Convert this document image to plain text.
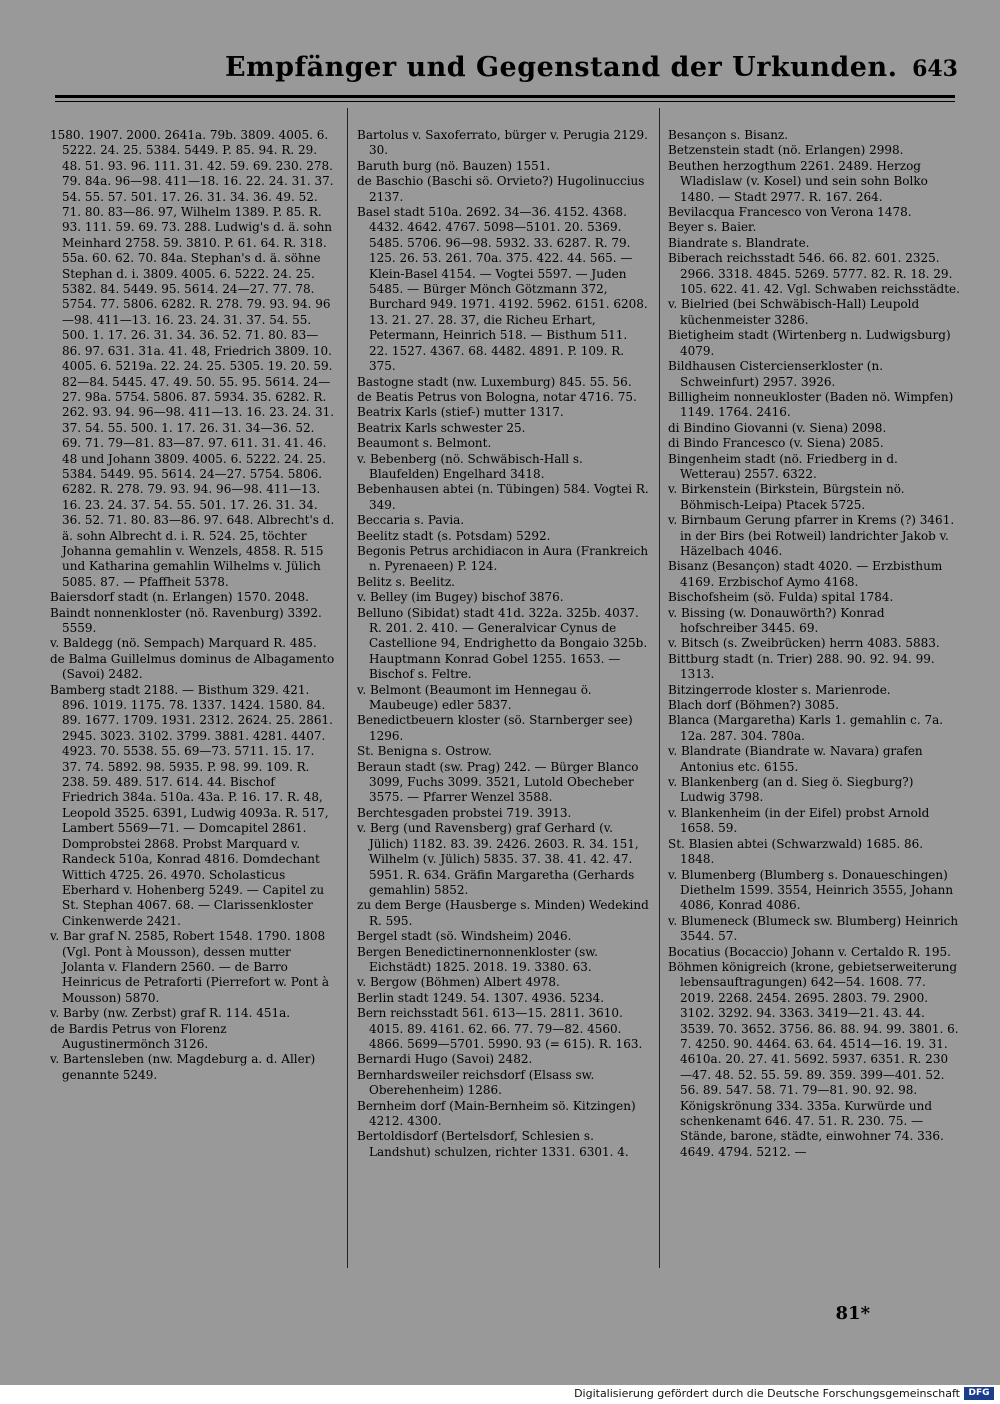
Empfänger und Gegenstand der Urkunden. 643
1580. 1907. 2000. 2641a. 79b. 3809. 4005. 6. 5222. 24. 25. 5384. 5449. P. 85. 94. R. 29. 48. 51. 93. 96. 111. 31. 42. 59. 69. 230. 278. 79. 84a. 96—98. 411—18. 16. 22. 24. 31. 37. 54. 55. 57. 501. 17. 26. 31. 34. 36. 49. 52. 71. 80. 83—86. 97, Wilhelm 1389. P. 85. R. 93. 111. 59. 69. 73. 288. Ludwig's d. ä. sohn Meinhard 2758. 59. 3810. P. 61. 64. R. 318. 55a. 60. 62. 70. 84a. Stephan's d. ä. söhne Stephan d. i. 3809. 4005. 6. 5222. 24. 25. 5382. 84. 5449. 95. 5614. 24—27. 77. 78. 5754. 77. 5806. 6282. R. 278. 79. 93. 94. 96—98. 411—13. 16. 23. 24. 31. 37. 54. 55. 500. 1. 17. 26. 31. 34. 36. 52. 71. 80. 83—86. 97. 631. 31a. 41. 48, Friedrich 3809. 10. 4005. 6. 5219a. 22. 24. 25. 5305. 19. 20. 59. 82—84. 5445. 47. 49. 50. 55. 95. 5614. 24—27. 98a. 5754. 5806. 87. 5934. 35. 6282. R. 262. 93. 94. 96—98. 411—13. 16. 23. 24. 31. 37. 54. 55. 500. 1. 17. 26. 31. 34—36. 52. 69. 71. 79—81. 83—87. 97. 611. 31. 41. 46. 48 und Johann 3809. 4005. 6. 5222. 24. 25. 5384. 5449. 95. 5614. 24—27. 5754. 5806. 6282. R. 278. 79. 93. 94. 96—98. 411—13. 16. 23. 24. 37. 54. 55. 501. 17. 26. 31. 34. 36. 52. 71. 80. 83—86. 97. 648. Albrecht's d. ä. sohn Albrecht d. i. R. 524. 25, töchter Johanna gemahlin v. Wenzels, 4858. R. 515 und Katharina gemahlin Wilhelms v. Jülich 5085. 87. — Pfaffheit 5378.
Baiersdorf stadt (n. Erlangen) 1570. 2048.
Baindt nonnenkloster (nö. Ravenburg) 3392. 5559.
v. Baldegg (nö. Sempach) Marquard R. 485.
de Balma Guillelmus dominus de Albagamento (Savoi) 2482.
Bamberg stadt 2188. — Bisthum 329. 421. 896. 1019. 1175. 78. 1337. 1424. 1580. 84. 89. 1677. 1709. 1931. 2312. 2624. 25. 2861. 2945. 3023. 3102. 3799. 3881. 4281. 4407. 4923. 70. 5538. 55. 69—73. 5711. 15. 17. 37. 74. 5892. 98. 5935. P. 98. 99. 109. R. 238. 59. 489. 517. 614. 44. Bischof Friedrich 384a. 510a. 43a. P. 16. 17. R. 48, Leopold 3525. 6391, Ludwig 4093a. R. 517, Lambert 5569—71. — Domcapitel 2861. Domprobstei 2868. Probst Marquard v. Randeck 510a, Konrad 4816. Domdechant Wittich 4725. 26. 4970. Scholasticus Eberhard v. Hohenberg 5249. — Capitel zu St. Stephan 4067. 68. — Clarissenkloster Cinkenwerde 2421.
v. Bar graf N. 2585, Robert 1548. 1790. 1808 (Vgl. Pont à Mousson), dessen mutter Jolanta v. Flandern 2560. — de Barro Heinricus de Petraforti (Pierrefort w. Pont à Mousson) 5870.
v. Barby (nw. Zerbst) graf R. 114. 451a.
de Bardis Petrus von Florenz Augustinermönch 3126.
v. Bartensleben (nw. Magdeburg a. d. Aller) genannte 5249.
Bartolus v. Saxoferrato, bürger v. Perugia 2129. 30.
Baruth burg (nö. Bauzen) 1551.
de Baschio (Baschi sö. Orvieto?) Hugolinuccius 2137.
Basel stadt 510a. 2692. 34—36. 4152. 4368. 4432. 4642. 4767. 5098—5101. 20. 5369. 5485. 5706. 96—98. 5932. 33. 6287. R. 79. 125. 26. 53. 261. 70a. 375. 422. 44. 565. — Klein-Basel 4154. — Vogtei 5597. — Juden 5485. — Bürger Mönch Götzmann 372, Burchard 949. 1971. 4192. 5962. 6151. 6208. 13. 21. 27. 28. 37, die Richeu Erhart, Petermann, Heinrich 518. — Bisthum 511. 22. 1527. 4367. 68. 4482. 4891. P. 109. R. 375.
Bastogne stadt (nw. Luxemburg) 845. 55. 56.
de Beatis Petrus von Bologna, notar 4716. 75.
Beatrix Karls (stief-) mutter 1317.
Beatrix Karls schwester 25.
Beaumont s. Belmont.
v. Bebenberg (nö. Schwäbisch-Hall s. Blaufelden) Engelhard 3418.
Bebenhausen abtei (n. Tübingen) 584. Vogtei R. 349.
Beccaria s. Pavia.
Beelitz stadt (s. Potsdam) 5292.
Begonis Petrus archidiacon in Aura (Frankreich n. Pyrenaeen) P. 124.
Belitz s. Beelitz.
v. Belley (im Bugey) bischof 3876.
Belluno (Sibidat) stadt 41d. 322a. 325b. 4037. R. 201. 2. 410. — Generalvicar Cynus de Castellione 94, Endrighetto da Bongaio 325b. Hauptmann Konrad Gobel 1255. 1653. — Bischof s. Feltre.
v. Belmont (Beaumont im Hennegau ö. Maubeuge) edler 5837.
Benedictbeuern kloster (sö. Starnberger see) 1296.
St. Benigna s. Ostrow.
Beraun stadt (sw. Prag) 242. — Bürger Blanco 3099, Fuchs 3099. 3521, Lutold Obecheber 3575. — Pfarrer Wenzel 3588.
Berchtesgaden probstei 719. 3913.
v. Berg (und Ravensberg) graf Gerhard (v. Jülich) 1182. 83. 39. 2426. 2603. R. 34. 151, Wilhelm (v. Jülich) 5835. 37. 38. 41. 42. 47. 5951. R. 634. Gräfin Margaretha (Gerhards gemahlin) 5852.
zu dem Berge (Hausberge s. Minden) Wedekind R. 595.
Bergel stadt (sö. Windsheim) 2046.
Bergen Benedictinernonnenkloster (sw. Eichstädt) 1825. 2018. 19. 3380. 63.
v. Bergow (Böhmen) Albert 4978.
Berlin stadt 1249. 54. 1307. 4936. 5234.
Bern reichsstadt 561. 613—15. 2811. 3610. 4015. 89. 4161. 62. 66. 77. 79—82. 4560. 4866. 5699—5701. 5990. 93 (= 615). R. 163.
Bernardi Hugo (Savoi) 2482.
Bernhardsweiler reichsdorf (Elsass sw. Oberehenheim) 1286.
Bernheim dorf (Main-Bernheim sö. Kitzingen) 4212. 4300.
Bertoldisdorf (Bertelsdorf, Schlesien s. Landshut) schulzen, richter 1331. 6301. 4.
Besançon s. Bisanz.
Betzenstein stadt (nö. Erlangen) 2998.
Beuthen herzogthum 2261. 2489. Herzog Wladislaw (v. Kosel) und sein sohn Bolko 1480. — Stadt 2977. R. 167. 264.
Bevilacqua Francesco von Verona 1478.
Beyer s. Baier.
Biandrate s. Blandrate.
Biberach reichsstadt 546. 66. 82. 601. 2325. 2966. 3318. 4845. 5269. 5777. 82. R. 18. 29. 105. 622. 41. 42. Vgl. Schwaben reichsstädte.
v. Bielried (bei Schwäbisch-Hall) Leupold küchenmeister 3286.
Bietigheim stadt (Wirtenberg n. Ludwigsburg) 4079.
Bildhausen Cistercienserkloster (n. Schweinfurt) 2957. 3926.
Billigheim nonneukloster (Baden nö. Wimpfen) 1149. 1764. 2416.
di Bindino Giovanni (v. Siena) 2098.
di Bindo Francesco (v. Siena) 2085.
Bingenheim stadt (nö. Friedberg in d. Wetterau) 2557. 6322.
v. Birkenstein (Birkstein, Bürgstein nö. Böhmisch-Leipa) Ptacek 5725.
v. Birnbaum Gerung pfarrer in Krems (?) 3461. in der Birs (bei Rotweil) landrichter Jakob v. Häzelbach 4046.
Bisanz (Besançon) stadt 4020. — Erzbisthum 4169. Erzbischof Aymo 4168.
Bischofsheim (sö. Fulda) spital 1784.
v. Bissing (w. Donauwörth?) Konrad hofschreiber 3445. 69.
v. Bitsch (s. Zweibrücken) herrn 4083. 5883.
Bittburg stadt (n. Trier) 288. 90. 92. 94. 99. 1313.
Bitzingerrode kloster s. Marienrode.
Blach dorf (Böhmen?) 3085.
Blanca (Margaretha) Karls 1. gemahlin c. 7a. 12a. 287. 304. 780a.
v. Blandrate (Biandrate w. Navara) grafen Antonius etc. 6155.
v. Blankenberg (an d. Sieg ö. Siegburg?) Ludwig 3798.
v. Blankenheim (in der Eifel) probst Arnold 1658. 59.
St. Blasien abtei (Schwarzwald) 1685. 86. 1848.
v. Blumenberg (Blumberg s. Donaueschingen) Diethelm 1599. 3554, Heinrich 3555, Johann 4086, Konrad 4086.
v. Blumeneck (Blumeck sw. Blumberg) Heinrich 3544. 57.
Bocatius (Bocaccio) Johann v. Certaldo R. 195.
Böhmen königreich (krone, gebietserweiterung lebensauftragungen) 642—54. 1608. 77. 2019. 2268. 2454. 2695. 2803. 79. 2900. 3102. 3292. 94. 3363. 3419—21. 43. 44. 3539. 70. 3652. 3756. 86. 88. 94. 99. 3801. 6. 7. 4250. 90. 4464. 63. 64. 4514—16. 19. 31. 4610a. 20. 27. 41. 5692. 5937. 6351. R. 230—47. 48. 52. 55. 59. 89. 359. 399—401. 52. 56. 89. 547. 58. 71. 79—81. 90. 92. 98. Königskrönung 334. 335a. Kurwürde und schenkenamt 646. 47. 51. R. 230. 75. — Stände, barone, städte, einwohner 74. 336. 4649. 4794. 5212. —
81*
Digitalisierung gefördert durch die Deutsche Forschungsgemeinschaft DFG
